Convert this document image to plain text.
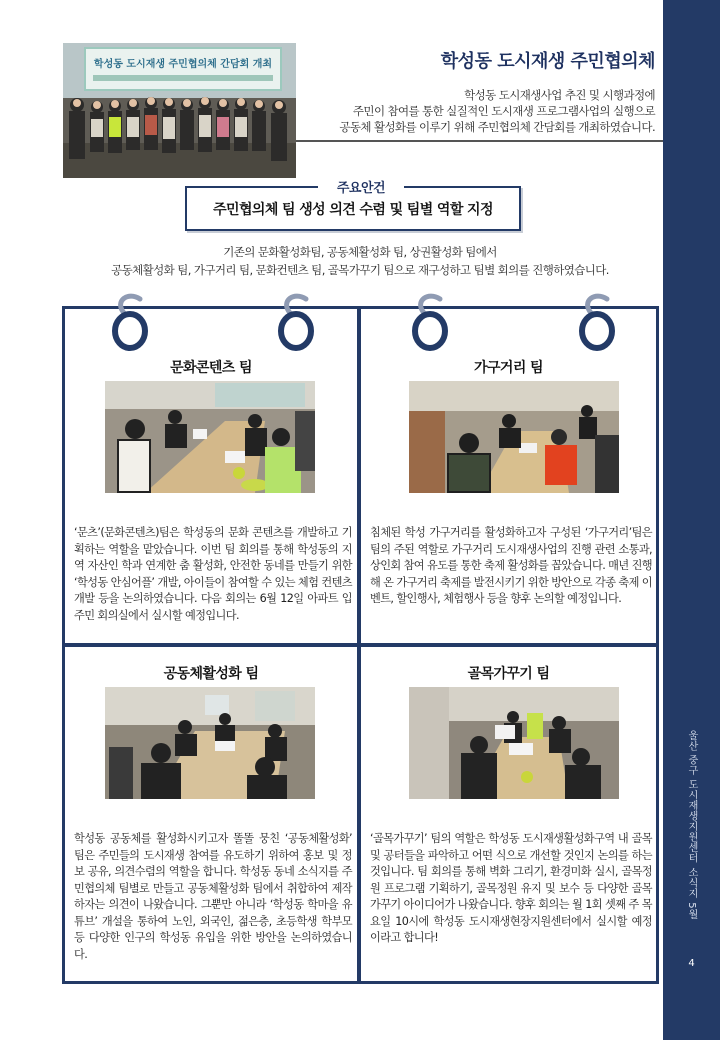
울산 중구 도시재생지원센터 소식지 5월
4
학성동 도시재생 주민협의체 간담회 개최	학성동 도시재생 주민협의체
학성동 도시재생사업 추진 및 시행과정에
주민이 참여를 통한 실질적인 도시재생 프로그램사업의 실행으로
공동체 활성화를 이루기 위해 주민협의체 간담회를 개최하였습니다.
주요안건
주민협의체 팀 생성 의견 수렴 및 팀별 역할 지정
기존의 문화활성화팀, 공동체활성화 팀, 상권활성화 팀에서
공동체활성화 팀, 가구거리 팀, 문화컨텐츠 팀, 골목가꾸기 팀으로 재구성하고 팀별 회의를 진행하였습니다.
문화콘텐츠 팀
‘문츠’(문화콘텐츠)팀은 학성동의 문화 콘텐츠를 개발하고 기획하는 역할을 맡았습니다. 이번 팀 회의를 통해 학성동의 지역 자산인 학과 연계한 춤 활성화, 안전한 동네를 만들기 위한 ‘학성동 안심어플’ 개발, 아이들이 참여할 수 있는 체험 컨텐츠 개발 등을 논의하였습니다. 다음 회의는 6월 12일 아파트 입주민 회의실에서 실시할 예정입니다.
가구거리 팀
침체된 학성 가구거리를 활성화하고자 구성된 ‘가구거리’팀은 팀의 주된 역할로 가구거리 도시재생사업의 진행 관련 소통과, 상인회 참여 유도를 통한 축제 활성화를 꼽았습니다. 매년 진행해 온 가구거리 축제를 발전시키기 위한 방안으로 각종 축제 이벤트, 할인행사, 체험행사 등을 향후 논의할 예정입니다.
공동체활성화 팀
학성동 공동체를 활성화시키고자 똘똘 뭉친 ‘공동체활성화’ 팀은 주민들의 도시재생 참여를 유도하기 위하여 홍보 및 정보 공유, 의견수렴의 역할을 합니다. 학성동 동네 소식지를 주민협의체 팀별로 만들고 공동체활성화 팀에서 취합하여 제작하자는 의견이 나왔습니다. 그뿐만 아니라 ‘학성동 학마을 유튜브’ 개설을 통하여 노인, 외국인, 젊은층, 초등학생 학부모 등 다양한 인구의 학성동 유입을 위한 방안을 논의하였습니다.
골목가꾸기 팀
‘골목가꾸기’ 팀의 역할은 학성동 도시재생활성화구역 내 골목 및 공터들을 파악하고 어떤 식으로 개선할 것인지 논의를 하는 것입니다. 팀 회의를 통해 벽화 그리기, 환경미화 실시, 골목정원 프로그램 기획하기, 골목정원 유지 및 보수 등 다양한 골목 가꾸기 아이디어가 나왔습니다. 향후 회의는 월 1회 셋째 주 목요일 10시에 학성동 도시재생현장지원센터에서 실시할 예정이라고 합니다!
